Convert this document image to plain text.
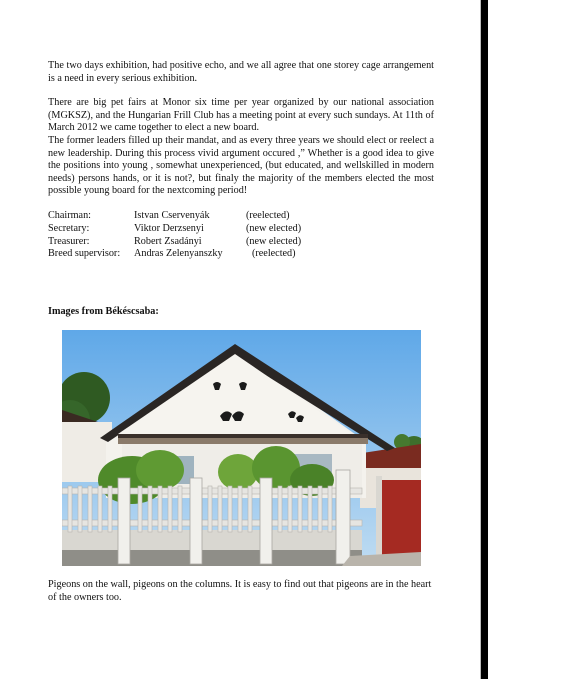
The two days exhibition, had positive echo, and we all agree that one storey cage arrangement is a need in every serious exhibition.

There are big pet fairs at Monor six time per year organized by our national association (MGKSZ), and the Hungarian Frill Club has a meeting point at every such sundays. At 11th of March 2012 we came together to elect a new board.

The former leaders filled up their mandat, and as every three years we should elect or reelect a new leadership. During this process vivid argument occured ,” Whether is a good idea to give the positions into young , somewhat unexperienced, (but educated, and wellskilled in modern needs) persons hands, or it is not?, but finaly the majority of the members elected the most possible young board for the nextcoming period!

Chairman:	Istvan Cservenyák	(reelected)
Secretary:	Viktor Derzsenyi	(new elected)
Treasurer:	Robert Zsadányi	(new elected)
Breed supervisor:	Andras Zelenyanszky	(reelected)
Images from Békéscsaba:
Pigeons on the wall, pigeons on the columns. It is easy to find out that pigeons are in the heart of the owners too.
